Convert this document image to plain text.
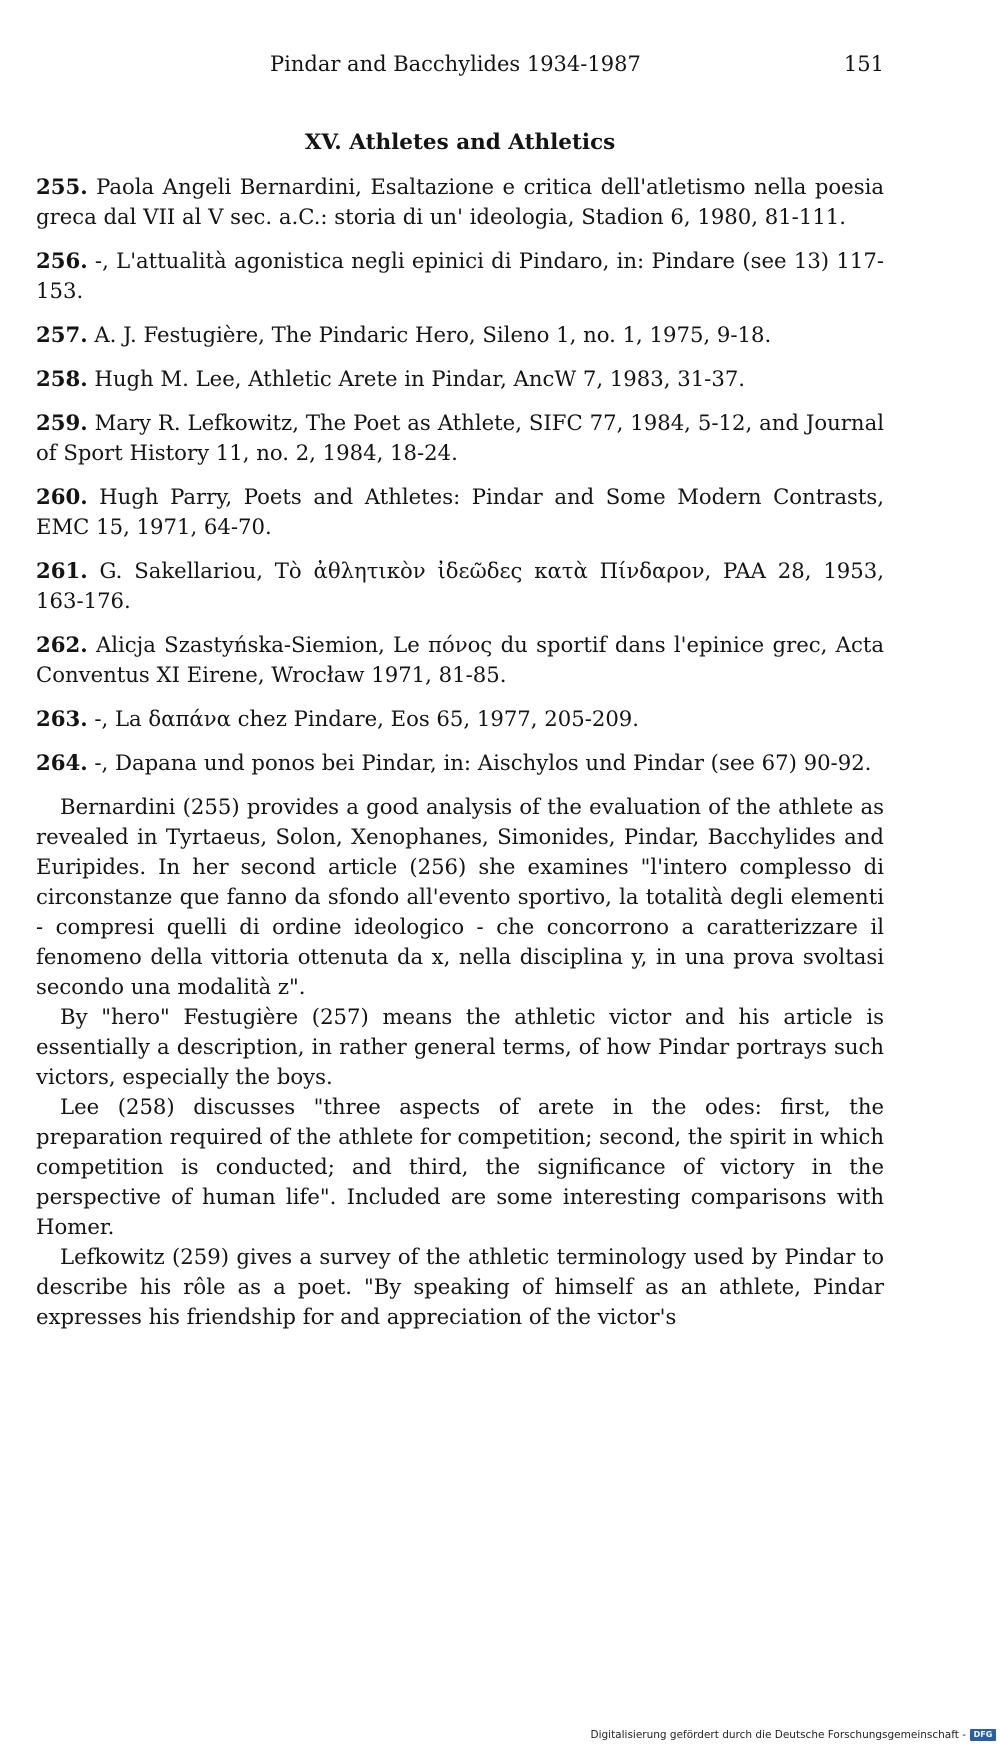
Pindar and Bacchylides 1934-1987	151
XV. Athletes and Athletics
255. Paola Angeli Bernardini, Esaltazione e critica dell'atletismo nella poesia greca dal VII al V sec. a.C.: storia di un' ideologia, Stadion 6, 1980, 81-111.
256. -, L'attualità agonistica negli epinici di Pindaro, in: Pindare (see 13) 117-153.
257. A. J. Festugière, The Pindaric Hero, Sileno 1, no. 1, 1975, 9-18.
258. Hugh M. Lee, Athletic Arete in Pindar, AncW 7, 1983, 31-37.
259. Mary R. Lefkowitz, The Poet as Athlete, SIFC 77, 1984, 5-12, and Journal of Sport History 11, no. 2, 1984, 18-24.
260. Hugh Parry, Poets and Athletes: Pindar and Some Modern Contrasts, EMC 15, 1971, 64-70.
261. G. Sakellariou, Τὸ ἀθλητικὸν ἰδεῶδες κατὰ Πίνδαρον, PAA 28, 1953, 163-176.
262. Alicja Szastyńska-Siemion, Le πόνος du sportif dans l'epinice grec, Acta Conventus XI Eirene, Wrocław 1971, 81-85.
263. -, La δαπάνα chez Pindare, Eos 65, 1977, 205-209.
264. -, Dapana und ponos bei Pindar, in: Aischylos und Pindar (see 67) 90-92.

Bernardini (255) provides a good analysis of the evaluation of the athlete as revealed in Tyrtaeus, Solon, Xenophanes, Simonides, Pindar, Bacchylides and Euripides. In her second article (256) she examines "l'intero complesso di circonstanze que fanno da sfondo all'evento sportivo, la totalità degli elementi - compresi quelli di ordine ideologico - che concorrono a caratterizzare il fenomeno della vittoria ottenuta da x, nella disciplina y, in una prova svoltasi secondo una modalità z".

By "hero" Festugière (257) means the athletic victor and his article is essentially a description, in rather general terms, of how Pindar portrays such victors, especially the boys.

Lee (258) discusses "three aspects of arete in the odes: first, the preparation required of the athlete for competition; second, the spirit in which competition is conducted; and third, the significance of victory in the perspective of human life". Included are some interesting comparisons with Homer.

Lefkowitz (259) gives a survey of the athletic terminology used by Pindar to describe his rôle as a poet. "By speaking of himself as an athlete, Pindar expresses his friendship for and appreciation of the victor's

Digitalisierung gefördert durch die Deutsche Forschungsgemeinschaft - DFG
